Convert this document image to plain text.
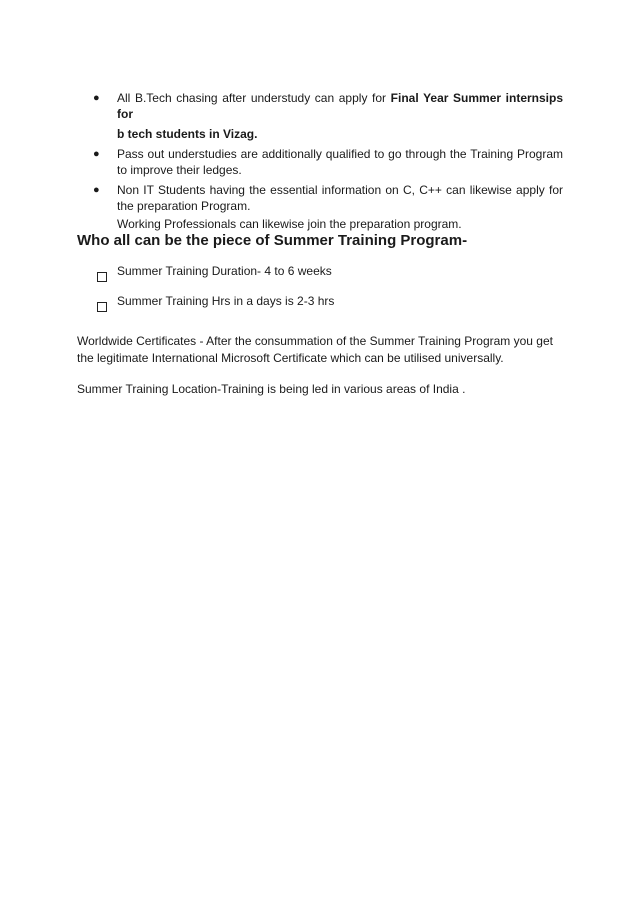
● All B.Tech chasing after understudy can apply for Final Year Summer internsips for
b tech students in Vizag.
● Pass out understudies are additionally qualified to go through the Training Program to improve their ledges.
● Non IT Students having the essential information on C, C++ can likewise apply for the preparation Program.
Working Professionals can likewise join the preparation program.
Who all can be the piece of Summer Training Program-
Summer Training Duration- 4 to 6 weeks
Summer Training Hrs in a days is 2-3 hrs

Worldwide Certificates - After the consummation of the Summer Training Program you get the legitimate International Microsoft Certificate which can be utilised universally.

Summer Training Location-Training is being led in various areas of India .
